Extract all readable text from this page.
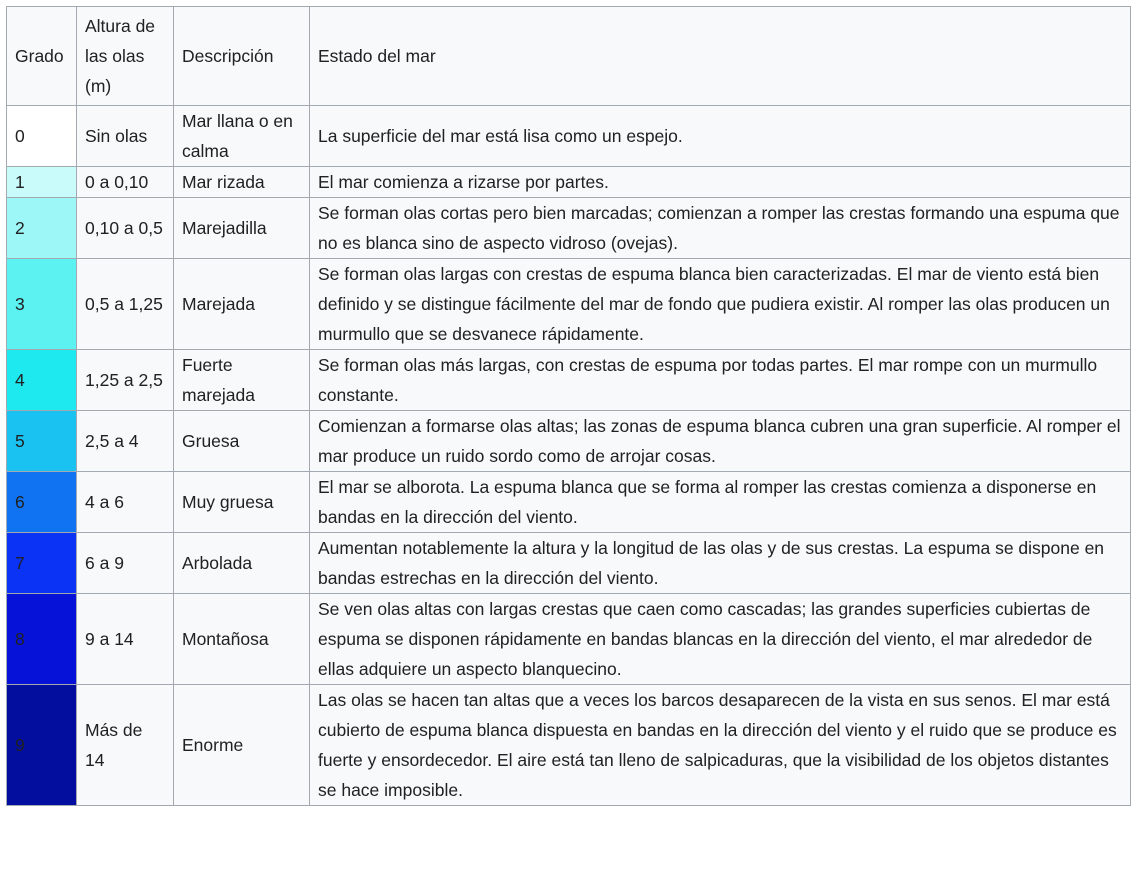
Grado	Altura de las olas (m)	Descripción	Estado del mar
0	Sin olas	Mar llana o en calma	La superficie del mar está lisa como un espejo.
1	0 a 0,10	Mar rizada	El mar comienza a rizarse por partes.
2	0,10 a 0,5	Marejadilla	Se forman olas cortas pero bien marcadas; comienzan a romper las crestas formando una espuma que no es blanca sino de aspecto vidroso (ovejas).
3	0,5 a 1,25	Marejada	Se forman olas largas con crestas de espuma blanca bien caracterizadas. El mar de viento está bien definido y se distingue fácilmente del mar de fondo que pudiera existir. Al romper las olas producen un murmullo que se desvanece rápidamente.
4	1,25 a 2,5	Fuerte marejada	Se forman olas más largas, con crestas de espuma por todas partes. El mar rompe con un murmullo constante.
5	2,5 a 4	Gruesa	Comienzan a formarse olas altas; las zonas de espuma blanca cubren una gran superficie. Al romper el mar produce un ruido sordo como de arrojar cosas.
6	4 a 6	Muy gruesa	El mar se alborota. La espuma blanca que se forma al romper las crestas comienza a disponerse en bandas en la dirección del viento.
7	6 a 9	Arbolada	Aumentan notablemente la altura y la longitud de las olas y de sus crestas. La espuma se dispone en bandas estrechas en la dirección del viento.
8	9 a 14	Montañosa	Se ven olas altas con largas crestas que caen como cascadas; las grandes superficies cubiertas de espuma se disponen rápidamente en bandas blancas en la dirección del viento, el mar alrededor de ellas adquiere un aspecto blanquecino.
9	Más de 14	Enorme	Las olas se hacen tan altas que a veces los barcos desaparecen de la vista en sus senos. El mar está cubierto de espuma blanca dispuesta en bandas en la dirección del viento y el ruido que se produce es fuerte y ensordecedor. El aire está tan lleno de salpicaduras, que la visibilidad de los objetos distantes se hace imposible.
